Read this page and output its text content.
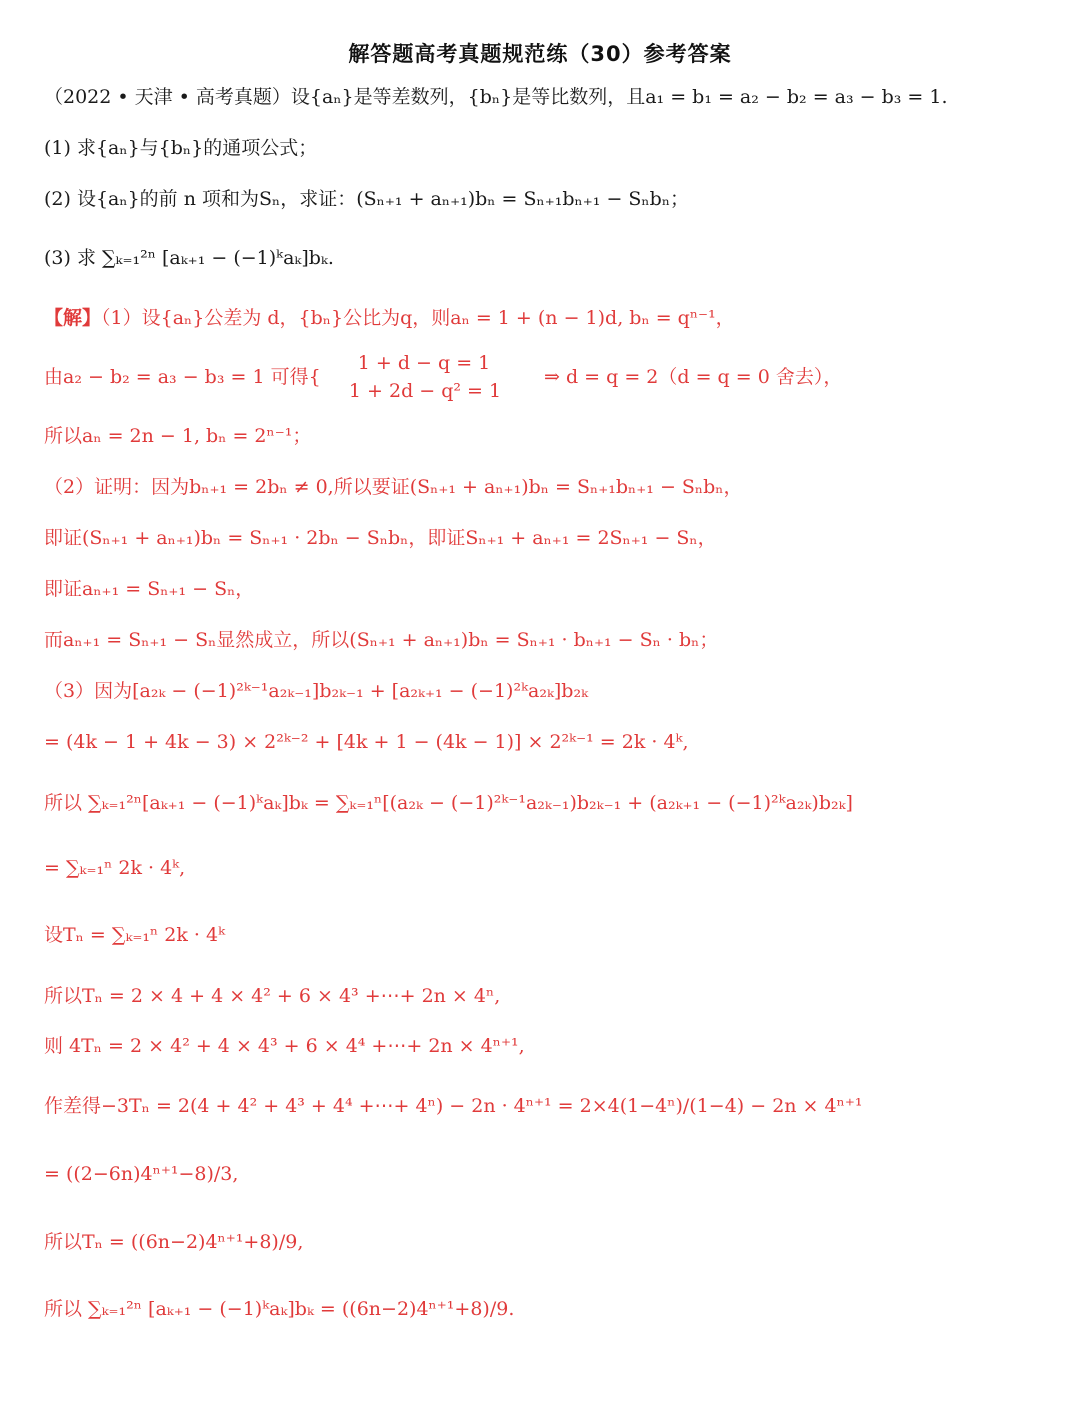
解答题高考真题规范练（30）参考答案
（2022 • 天津 • 高考真题）设{aₙ}是等差数列，{bₙ}是等比数列，且a₁ = b₁ = a₂ − b₂ = a₃ − b₃ = 1.
(1) 求{aₙ}与{bₙ}的通项公式；
(2) 设{aₙ}的前 n 项和为Sₙ，求证：(Sₙ₊₁ + aₙ₊₁)bₙ = Sₙ₊₁bₙ₊₁ − Sₙbₙ；
(3) 求 ∑ₖ₌₁²ⁿ [aₖ₊₁ − (−1)ᵏaₖ]bₖ.
【解】（1）设{aₙ}公差为 d，{bₙ}公比为q，则aₙ = 1 + (n − 1)d, bₙ = qⁿ⁻¹，
由a₂ − b₂ = a₃ − b₃ = 1 可得{
1 + d − q = 1
1 + 2d − q² = 1
⇒ d = q = 2（d = q = 0 舍去），
所以aₙ = 2n − 1, bₙ = 2ⁿ⁻¹；
（2）证明：因为bₙ₊₁ = 2bₙ ≠ 0,所以要证(Sₙ₊₁ + aₙ₊₁)bₙ = Sₙ₊₁bₙ₊₁ − Sₙbₙ，
即证(Sₙ₊₁ + aₙ₊₁)bₙ = Sₙ₊₁ · 2bₙ − Sₙbₙ，即证Sₙ₊₁ + aₙ₊₁ = 2Sₙ₊₁ − Sₙ，
即证aₙ₊₁ = Sₙ₊₁ − Sₙ，
而aₙ₊₁ = Sₙ₊₁ − Sₙ显然成立，所以(Sₙ₊₁ + aₙ₊₁)bₙ = Sₙ₊₁ · bₙ₊₁ − Sₙ · bₙ；
（3）因为[a₂ₖ − (−1)²ᵏ⁻¹a₂ₖ₋₁]b₂ₖ₋₁ + [a₂ₖ₊₁ − (−1)²ᵏa₂ₖ]b₂ₖ
= (4k − 1 + 4k − 3) × 2²ᵏ⁻² + [4k + 1 − (4k − 1)] × 2²ᵏ⁻¹ = 2k · 4ᵏ,
所以 ∑ₖ₌₁²ⁿ[aₖ₊₁ − (−1)ᵏaₖ]bₖ = ∑ₖ₌₁ⁿ[(a₂ₖ − (−1)²ᵏ⁻¹a₂ₖ₋₁)b₂ₖ₋₁ + (a₂ₖ₊₁ − (−1)²ᵏa₂ₖ)b₂ₖ]
= ∑ₖ₌₁ⁿ 2k · 4ᵏ,
设Tₙ = ∑ₖ₌₁ⁿ 2k · 4ᵏ
所以Tₙ = 2 × 4 + 4 × 4² + 6 × 4³ +⋯+ 2n × 4ⁿ,
则 4Tₙ = 2 × 4² + 4 × 4³ + 6 × 4⁴ +⋯+ 2n × 4ⁿ⁺¹,
作差得−3Tₙ = 2(4 + 4² + 4³ + 4⁴ +⋯+ 4ⁿ) − 2n · 4ⁿ⁺¹ = 2×4(1−4ⁿ)/(1−4) − 2n × 4ⁿ⁺¹
= ((2−6n)4ⁿ⁺¹−8)/3,
所以Tₙ = ((6n−2)4ⁿ⁺¹+8)/9,
所以 ∑ₖ₌₁²ⁿ [aₖ₊₁ − (−1)ᵏaₖ]bₖ = ((6n−2)4ⁿ⁺¹+8)/9.
